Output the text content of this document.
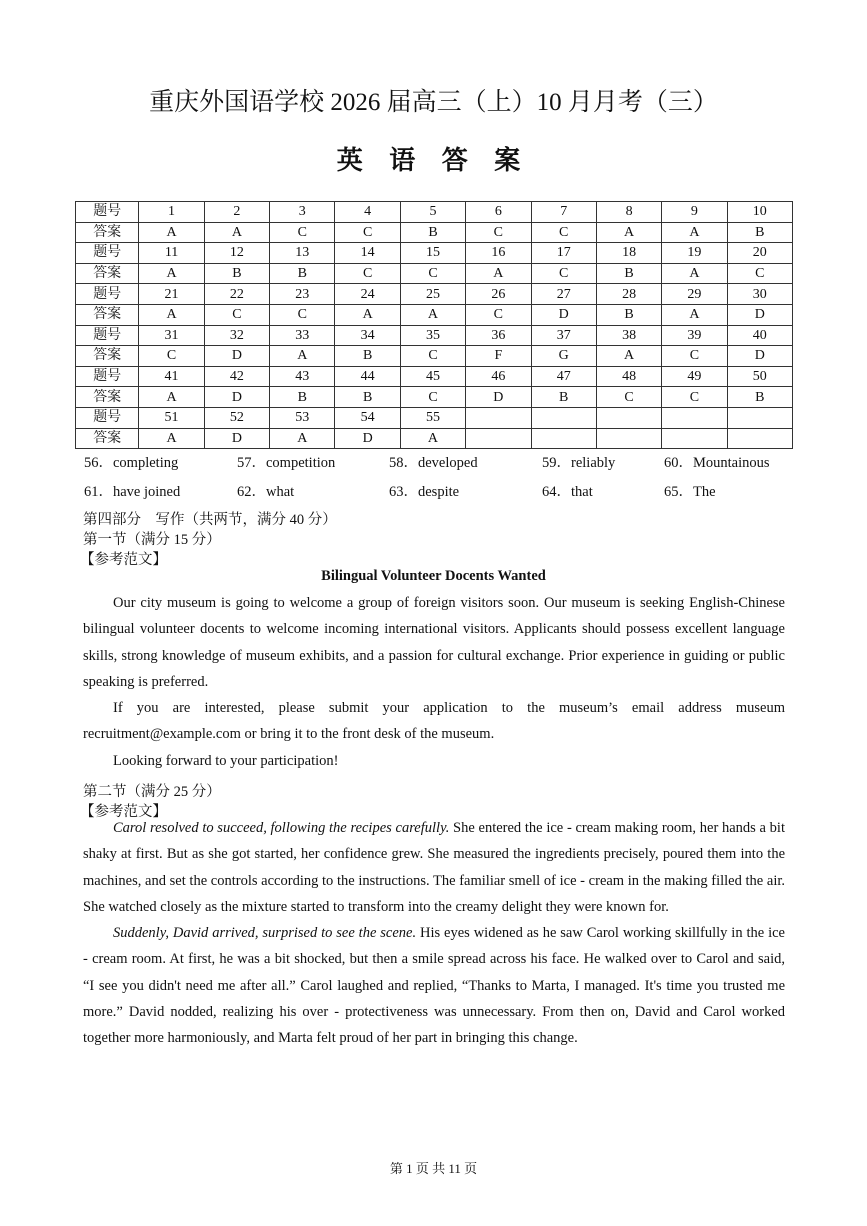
重庆外国语学校 2026 届高三（上）10 月月考（三）
英 语 答 案
题号	1	2	3	4	5	6	7	8	9	10
答案	A	A	C	C	B	C	C	A	A	B
题号	11	12	13	14	15	16	17	18	19	20
答案	A	B	B	C	C	A	C	B	A	C
题号	21	22	23	24	25	26	27	28	29	30
答案	A	C	C	A	A	C	D	B	A	D
题号	31	32	33	34	35	36	37	38	39	40
答案	C	D	A	B	C	F	G	A	C	D
题号	41	42	43	44	45	46	47	48	49	50
答案	A	D	B	B	C	D	B	C	C	B
题号	51	52	53	54	55					
答案	A	D	A	D	A					
56．completing	57．competition	58．developed	59．reliably	60．Mountainous
61．have joined	62．what	63．despite	64．that	65．The
第四部分　写作（共两节，满分 40 分）
第一节（满分 15 分）
【参考范文】
Bilingual Volunteer Docents Wanted

Our city museum is going to welcome a group of foreign visitors soon. Our museum is seeking English-Chinese bilingual volunteer docents to welcome incoming international visitors. Applicants should possess excellent language skills, strong knowledge of museum exhibits, and a passion for cultural exchange. Prior experience in guiding or public speaking is preferred.

If you are interested, please submit your application to the museum’s email address museum recruitment@example.com or bring it to the front desk of the museum.

Looking forward to your participation!

第二节（满分 25 分）
【参考范文】

Carol resolved to succeed, following the recipes carefully. She entered the ice - cream making room, her hands a bit shaky at first. But as she got started, her confidence grew. She measured the ingredients precisely, poured them into the machines, and set the controls according to the instructions. The familiar smell of ice - cream in the making filled the air. She watched closely as the mixture started to transform into the creamy delight they were known for.

Suddenly, David arrived, surprised to see the scene. His eyes widened as he saw Carol working skillfully in the ice - cream room. At first, he was a bit shocked, but then a smile spread across his face. He walked over to Carol and said, “I see you didn't need me after all.” Carol laughed and replied, “Thanks to Marta, I managed. It's time you trusted me more.” David nodded, realizing his over - protectiveness was unnecessary. From then on, David and Carol worked together more harmoniously, and Marta felt proud of her part in bringing this change.

第 1 页 共 11 页
